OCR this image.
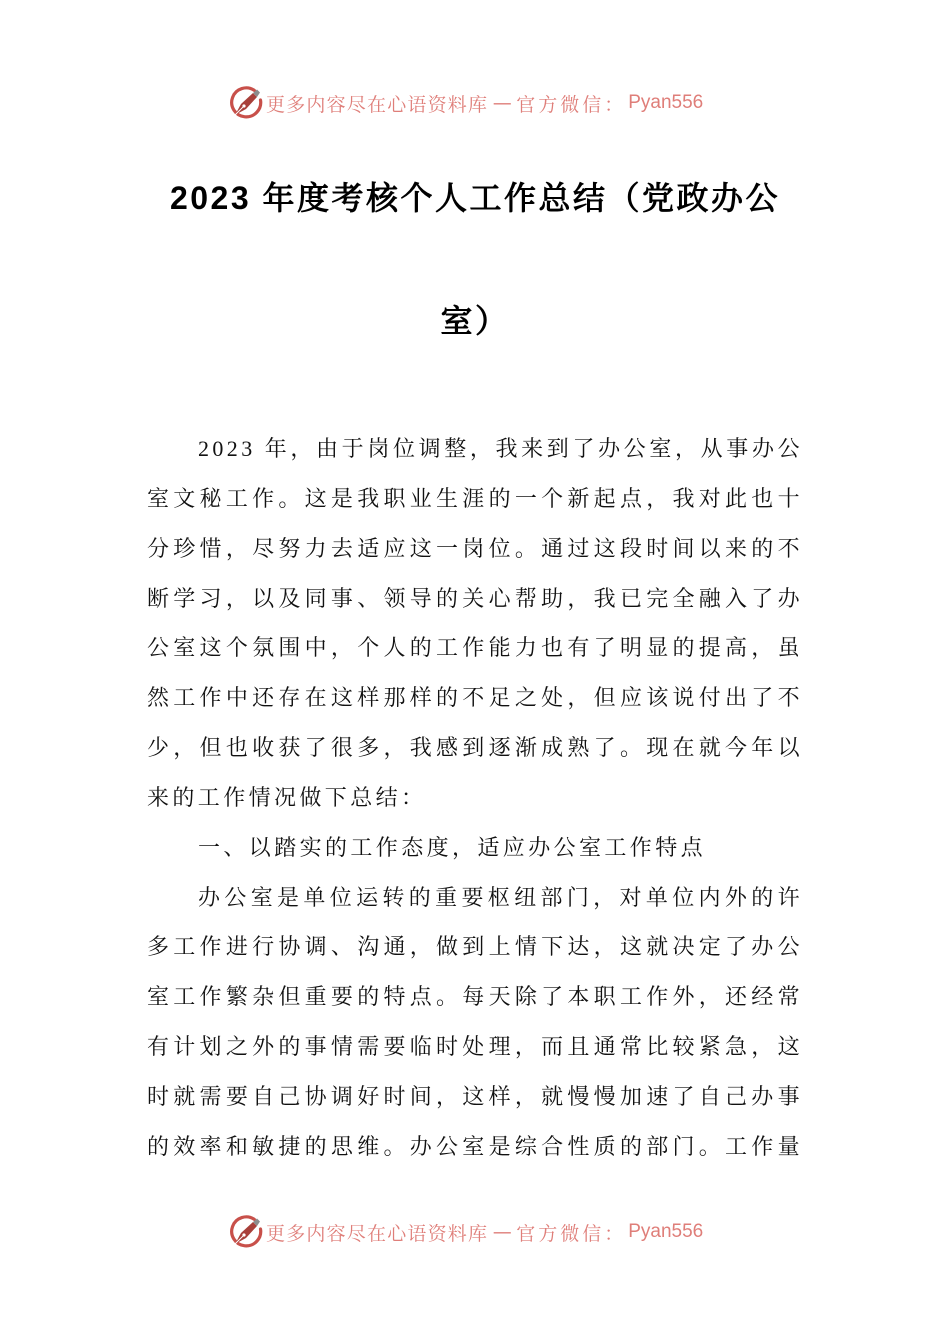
更多内容尽在心语资料库 — 官方微信： Pyan556
2023 年度考核个人工作总结（党政办公
室）
2023 年，由于岗位调整，我来到了办公室，从事办公
室文秘工作。这是我职业生涯的一个新起点，我对此也十
分珍惜，尽努力去适应这一岗位。通过这段时间以来的不
断学习，以及同事、领导的关心帮助，我已完全融入了办
公室这个氛围中，个人的工作能力也有了明显的提高，虽
然工作中还存在这样那样的不足之处，但应该说付出了不
少，但也收获了很多，我感到逐渐成熟了。现在就今年以
来的工作情况做下总结：
一、以踏实的工作态度，适应办公室工作特点
办公室是单位运转的重要枢纽部门，对单位内外的许
多工作进行协调、沟通，做到上情下达，这就决定了办公
室工作繁杂但重要的特点。每天除了本职工作外，还经常
有计划之外的事情需要临时处理，而且通常比较紧急，这
时就需要自己协调好时间，这样，就慢慢加速了自己办事
的效率和敏捷的思维。办公室是综合性质的部门。工作量
更多内容尽在心语资料库 — 官方微信： Pyan556
